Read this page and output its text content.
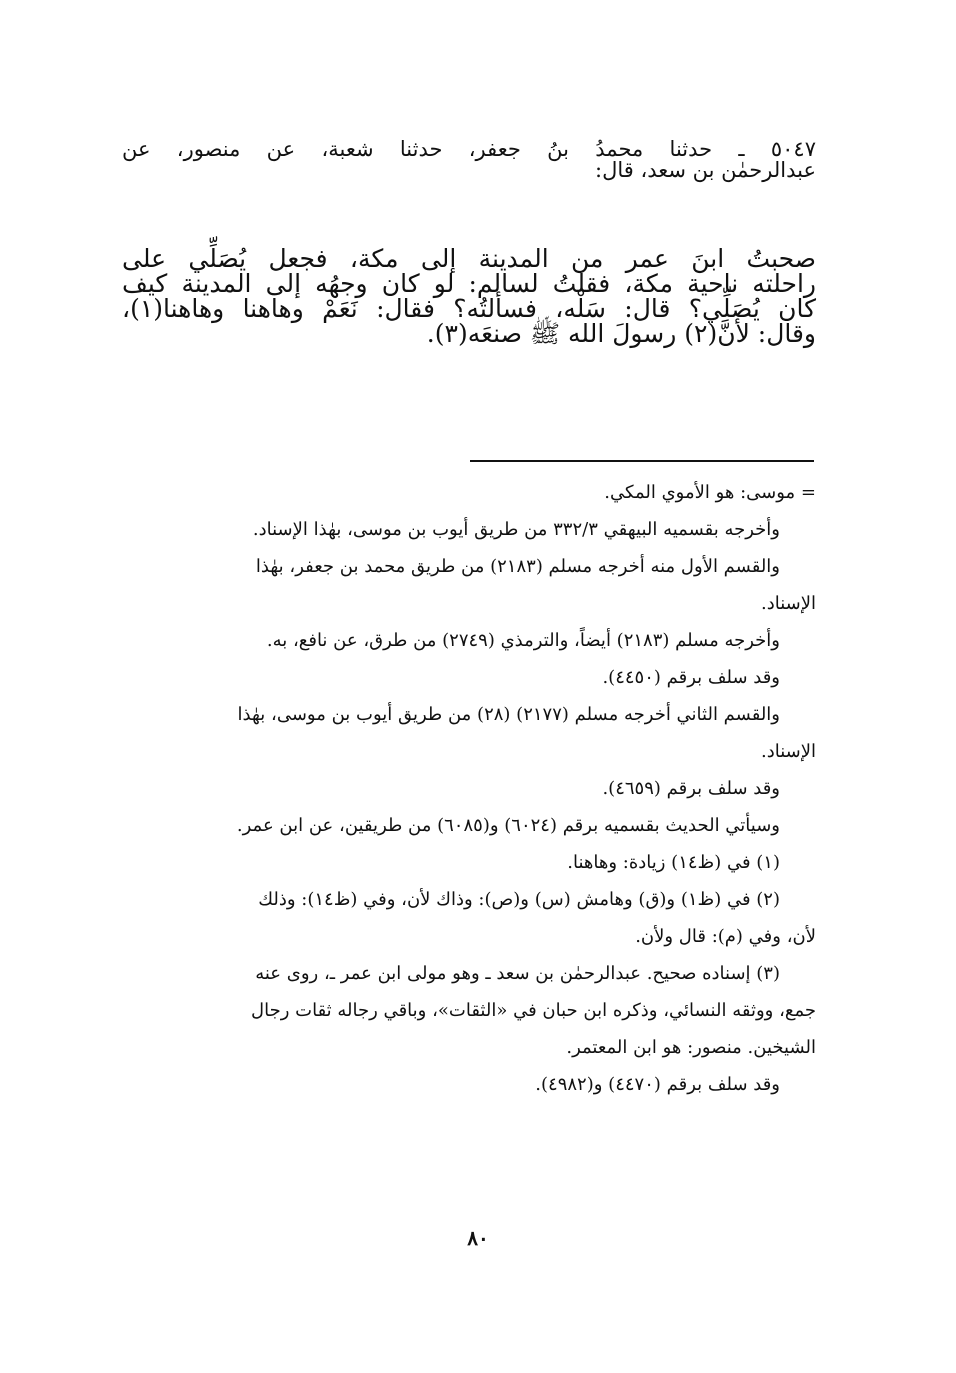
٥٠٤٧ ـ حدثنا محمدُ بنُ جعفر، حدثنا شعبة، عن منصور، عن
عبدالرحمٰن بن سعد، قال:
صحبتُ ابنَ عمر من المدينة إلى مكة، فجعل يُصَلِّي على
راحلته ناحية مكة، فقلتُ لسالم: لو كان وجهُه إلى المدينة كيف
كان يُصَلِّي؟ قال: سَلْه، فسألتُه؟ فقال: نَعَمْ وهاهنا وهاهنا(١)،
وقال: لأنَّ(٢) رسولَ الله ﷺ صنعَه(٣).
= موسى: هو الأموي المكي.
وأخرجه بقسميه البيهقي ٣٣٢/٣ من طريق أيوب بن موسى، بهٰذا الإسناد.
والقسم الأول منه أخرجه مسلم (٢١٨٣) من طريق محمد بن جعفر، بهٰذا
الإسناد.
وأخرجه مسلم (٢١٨٣) أيضاً، والترمذي (٢٧٤٩) من طرق، عن نافع، به.
وقد سلف برقم (٤٤٥٠).
والقسم الثاني أخرجه مسلم (٢١٧٧) (٢٨) من طريق أيوب بن موسى، بهٰذا
الإسناد.
وقد سلف برقم (٤٦٥٩).
وسيأتي الحديث بقسميه برقم (٦٠٢٤) و(٦٠٨٥) من طريقين، عن ابن عمر.
(١) في (ظ١٤) زيادة: وهاهنا.
(٢) في (ظ١) و(ق) وهامش (س) و(ص): وذاك لأن، وفي (ظ١٤): وذلك
لأن، وفي (م): قال ولأن.
(٣) إسناده صحيح. عبدالرحمٰن بن سعد ـ وهو مولى ابن عمر ـ، روى عنه
جمع، ووثقه النسائي، وذكره ابن حبان في «الثقات»، وباقي رجاله ثقات رجال
الشيخين. منصور: هو ابن المعتمر.
وقد سلف برقم (٤٤٧٠) و(٤٩٨٢).
٨٠
